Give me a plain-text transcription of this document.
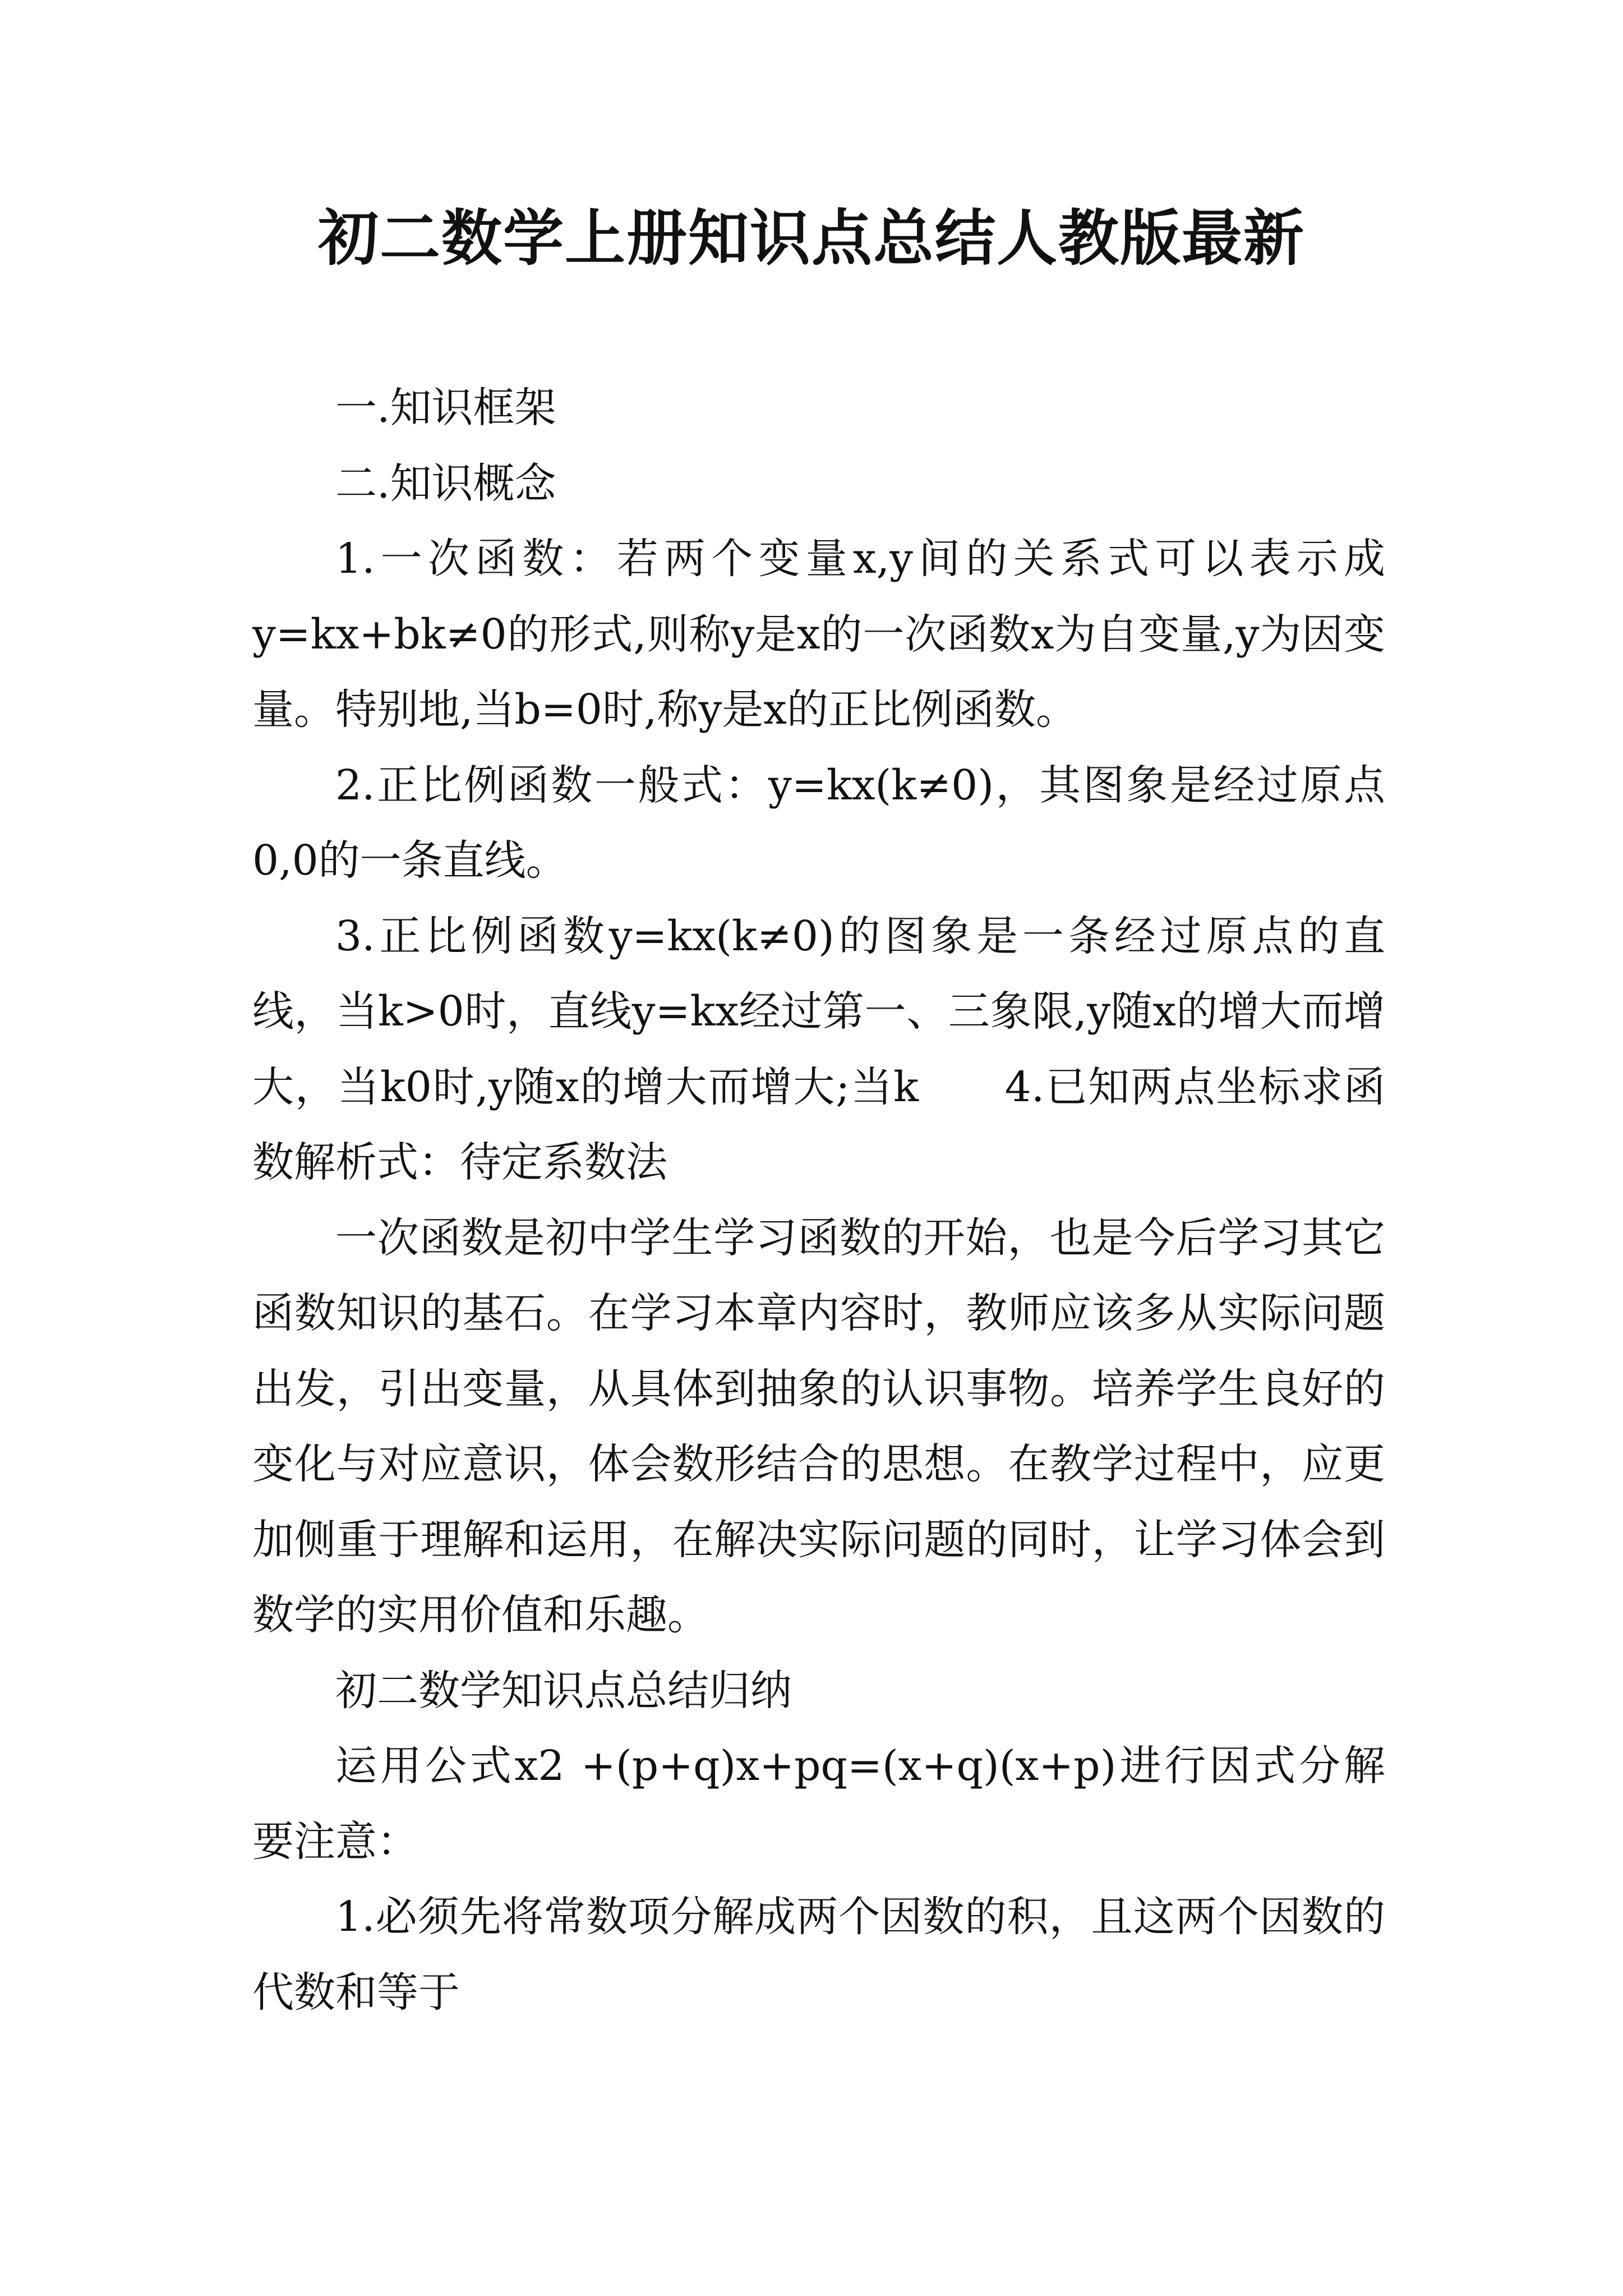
初二数学上册知识点总结人教版最新

一.知识框架

二.知识概念

1.一次函数：若两个变量x,y间的关系式可以表示成y=kx+bk≠0的形式,则称y是x的一次函数x为自变量,y为因变量。特别地,当b=0时,称y是x的正比例函数。

2.正比例函数一般式：y=kx(k≠0)，其图象是经过原点0,0的一条直线。

3.正比例函数y=kx(k≠0)的图象是一条经过原点的直线，当k>0时，直线y=kx经过第一、三象限,y随x的增大而增大，当k0时,y随x的增大而增大;当k　　4.已知两点坐标求函数解析式：待定系数法

一次函数是初中学生学习函数的开始，也是今后学习其它函数知识的基石。在学习本章内容时，教师应该多从实际问题出发，引出变量，从具体到抽象的认识事物。培养学生良好的变化与对应意识，体会数形结合的思想。在教学过程中，应更加侧重于理解和运用，在解决实际问题的同时，让学习体会到数学的实用价值和乐趣。

初二数学知识点总结归纳

运用公式x2 +(p+q)x+pq=(x+q)(x+p)进行因式分解要注意：

1.必须先将常数项分解成两个因数的积，且这两个因数的代数和等于
